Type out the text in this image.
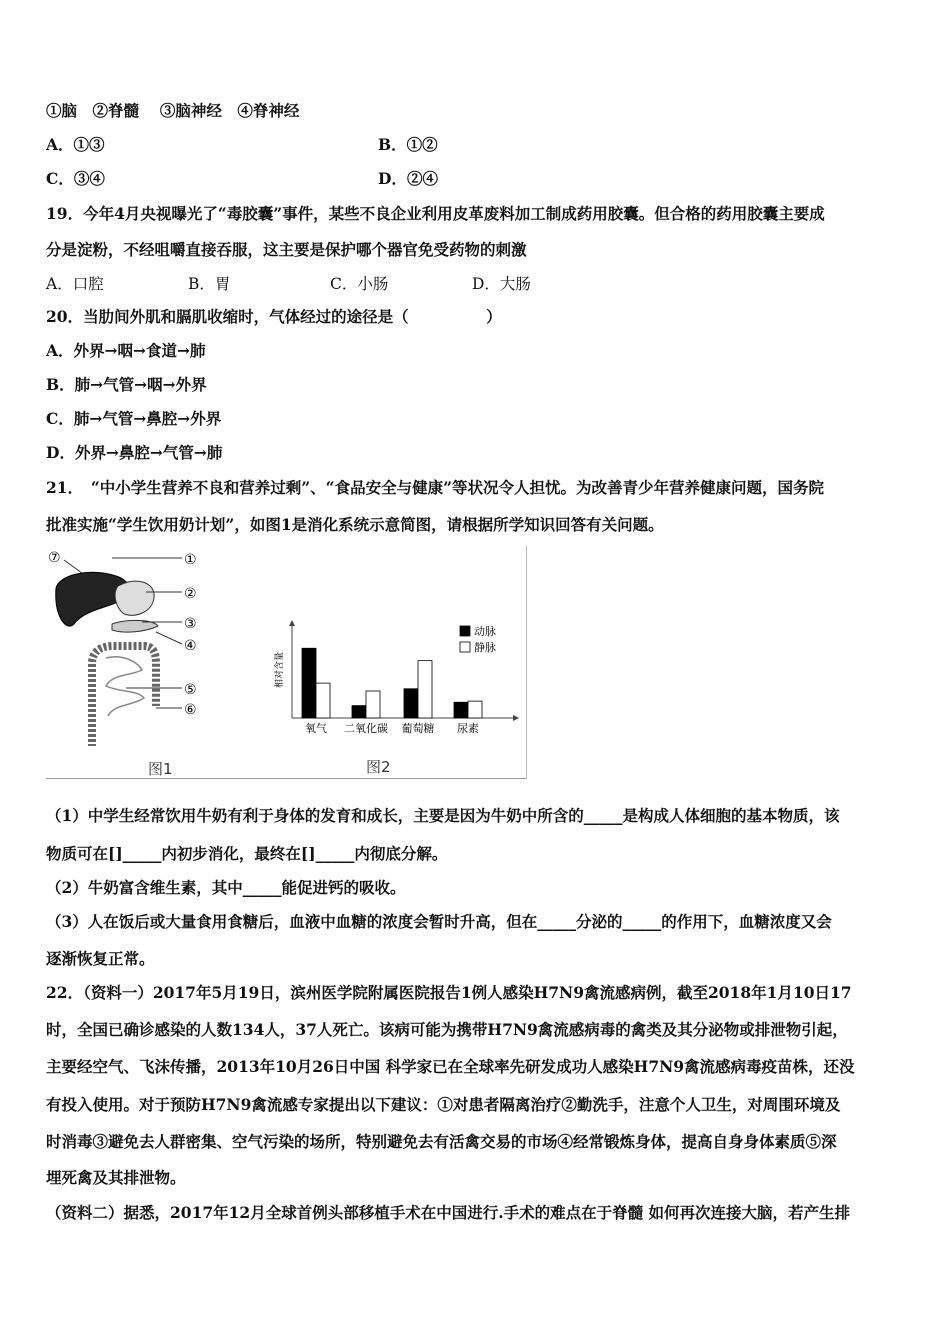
①脑　②脊髓　 ③脑神经　④脊神经
A．①③	B．①②
C．③④	D．②④
19．今年4月央视曝光了“毒胶囊”事件，某些不良企业利用皮革废料加工制成药用胶囊。但合格的药用胶囊主要成
分是淀粉，不经咀嚼直接吞服，这主要是保护哪个器官免受药物的刺激
A．口腔	B．胃	C．小肠	D．大肠
20．当肋间外肌和膈肌收缩时，气体经过的途径是（　　　　　）
A．外界→咽→食道→肺
B．肺→气管→咽→外界
C．肺→气管→鼻腔→外界
D．外界→鼻腔→气管→肺
21．　“中小学生营养不良和营养过剩”、“食品安全与健康”等状况令人担忧。为改善青少年营养健康问题，国务院
批准实施“学生饮用奶计划”，如图1是消化系统示意简图，请根据所学知识回答有关问题。
⑦	①
②
③
④
⑤
⑥
图1
相对含量
氧气 二氧化碳 葡萄糖 尿素
动脉
静脉
图2
（1）中学生经常饮用牛奶有利于身体的发育和成长，主要是因为牛奶中所含的_____是构成人体细胞的基本物质，该
物质可在[]_____内初步消化，最终在[]_____内彻底分解。
（2）牛奶富含维生素，其中_____能促进钙的吸收。
（3）人在饭后或大量食用食糖后，血液中血糖的浓度会暂时升高，但在_____分泌的_____的作用下，血糖浓度又会
逐渐恢复正常。
22．（资料一）2017年5月19日，滨州医学院附属医院报告1例人感染H7N9禽流感病例，截至2018年1月10日17
时，全国已确诊感染的人数134人，37人死亡。该病可能为携带H7N9禽流感病毒的禽类及其分泌物或排泄物引起，
主要经空气、飞沫传播，2013年10月26日中国 科学家已在全球率先研发成功人感染H7N9禽流感病毒疫苗株，还没
有投入使用。对于预防H7N9禽流感专家提出以下建议：①对患者隔离治疗②勤洗手，注意个人卫生，对周围环境及
时消毒③避免去人群密集、空气污染的场所，特别避免去有活禽交易的市场④经常锻炼身体，提高自身身体素质⑤深
埋死禽及其排泄物。
（资料二）据悉，2017年12月全球首例头部移植手术在中国进行.手术的难点在于脊髓 如何再次连接大脑，若产生排
